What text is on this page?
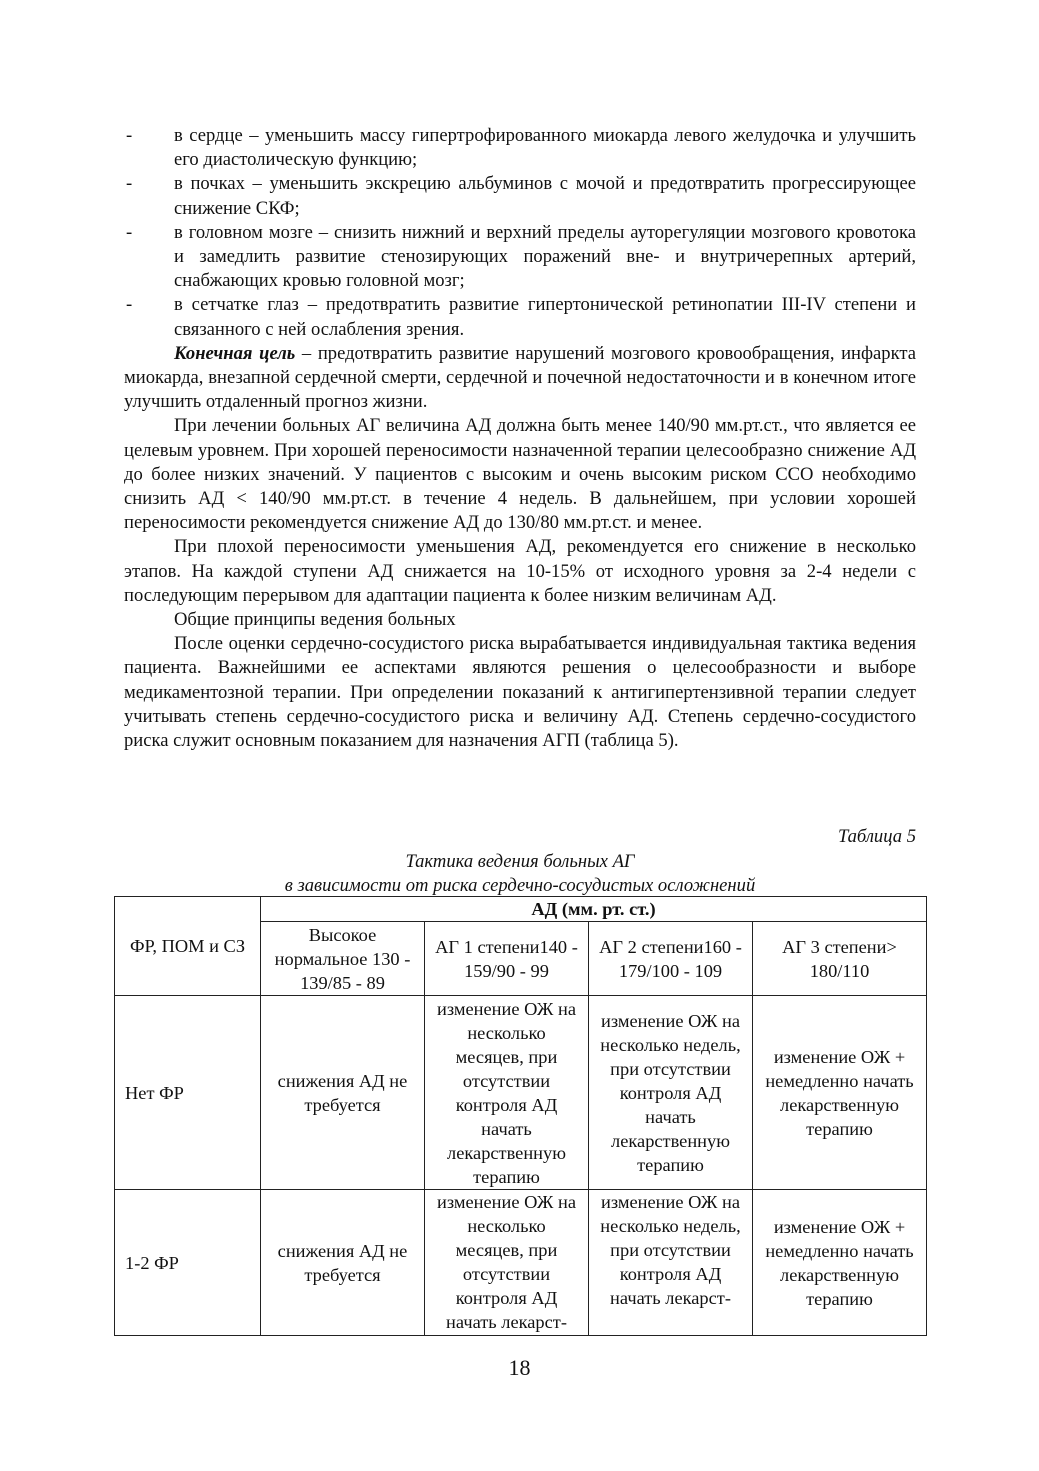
- в сердце – уменьшить массу гипертрофированного миокарда левого желудочка и улучшить его диастолическую функцию;
- в почках – уменьшить экскрецию альбуминов с мочой и предотвратить прогрессирующее снижение СКФ;
- в головном мозге – снизить нижний и верхний пределы ауторегуляции мозгового кровотока и замедлить развитие стенозирующих поражений вне- и внутричерепных артерий, снабжающих кровью головной мозг;
- в сетчатке глаз – предотвратить развитие гипертонической ретинопатии III-IV степени и связанного с ней ослабления зрения.
Конечная цель – предотвратить развитие нарушений мозгового кровообращения, инфаркта миокарда, внезапной сердечной смерти, сердечной и почечной недостаточности и в конечном итоге улучшить отдаленный прогноз жизни.
При лечении больных АГ величина АД должна быть менее 140/90 мм.рт.ст., что является ее целевым уровнем. При хорошей переносимости назначенной терапии целесообразно снижение АД до более низких значений. У пациентов с высоким и очень высоким риском ССО необходимо снизить АД < 140/90 мм.рт.ст. в течение 4 недель. В дальнейшем, при условии хорошей переносимости рекомендуется снижение АД до 130/80 мм.рт.ст. и менее.
При плохой переносимости уменьшения АД, рекомендуется его снижение в несколько этапов. На каждой ступени АД снижается на 10-15% от исходного уровня за 2-4 недели с последующим перерывом для адаптации пациента к более низким величинам АД.
Общие принципы ведения больных
После оценки сердечно-сосудистого риска вырабатывается индивидуальная тактика ведения пациента. Важнейшими ее аспектами являются решения о целесообразности и выборе медикаментозной терапии. При определении показаний к антигипертензивной терапии следует учитывать степень сердечно-сосудистого риска и величину АД. Степень сердечно-сосудистого риска служит основным показанием для назначения АГП (таблица 5).
Таблица 5
Тактика ведения больных АГ
в зависимости от риска сердечно-сосудистых осложнений
ФР, ПОМ и СЗ	АД (мм. рт. ст.)			
	Высокое нормальное 130 - 139/85 - 89	АГ 1 степени140 - 159/90 - 99	АГ 2 степени160 - 179/100 - 109	АГ 3 степени> 180/110
Нет ФР	снижения АД не требуется	изменение ОЖ на несколько месяцев, при отсутствии контроля АД начать лекарственную терапию	изменение ОЖ на несколько недель, при отсутствии контроля АД начать лекарственную терапию	изменение ОЖ + немедленно начать лекарственную терапию
1-2 ФР	снижения АД не требуется	изменение ОЖ на несколько месяцев, при отсутствии контроля АД начать лекарст-	изменение ОЖ на несколько недель, при отсутствии контроля АД начать лекарст-	изменение ОЖ + немедленно начать лекарственную терапию
18
